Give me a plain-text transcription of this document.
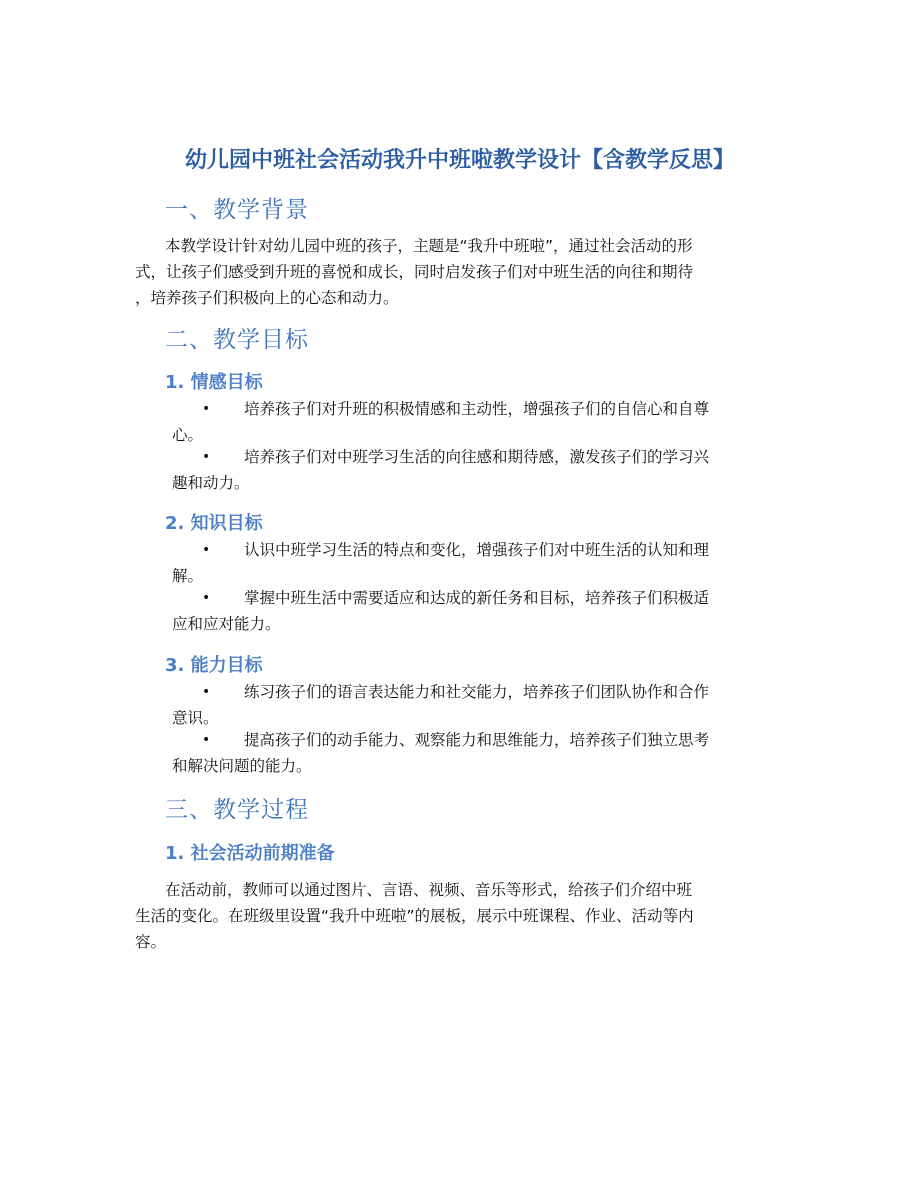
幼儿园中班社会活动我升中班啦教学设计【含教学反思】
一、教学背景
本教学设计针对幼儿园中班的孩子，主题是“我升中班啦”，通过社会活动的形
式，让孩子们感受到升班的喜悦和成长，同时启发孩子们对中班生活的向往和期待
，培养孩子们积极向上的心态和动力。
二、教学目标
1. 情感目标
•	培养孩子们对升班的积极情感和主动性，增强孩子们的自信心和自尊
心。
•	培养孩子们对中班学习生活的向往感和期待感，激发孩子们的学习兴
趣和动力。
2. 知识目标
•	认识中班学习生活的特点和变化，增强孩子们对中班生活的认知和理
解。
•	掌握中班生活中需要适应和达成的新任务和目标，培养孩子们积极适
应和应对能力。
3. 能力目标
•	练习孩子们的语言表达能力和社交能力，培养孩子们团队协作和合作
意识。
•	提高孩子们的动手能力、观察能力和思维能力，培养孩子们独立思考
和解决问题的能力。
三、教学过程
1. 社会活动前期准备
在活动前，教师可以通过图片、言语、视频、音乐等形式，给孩子们介绍中班
生活的变化。在班级里设置“我升中班啦”的展板，展示中班课程、作业、活动等内
容。
